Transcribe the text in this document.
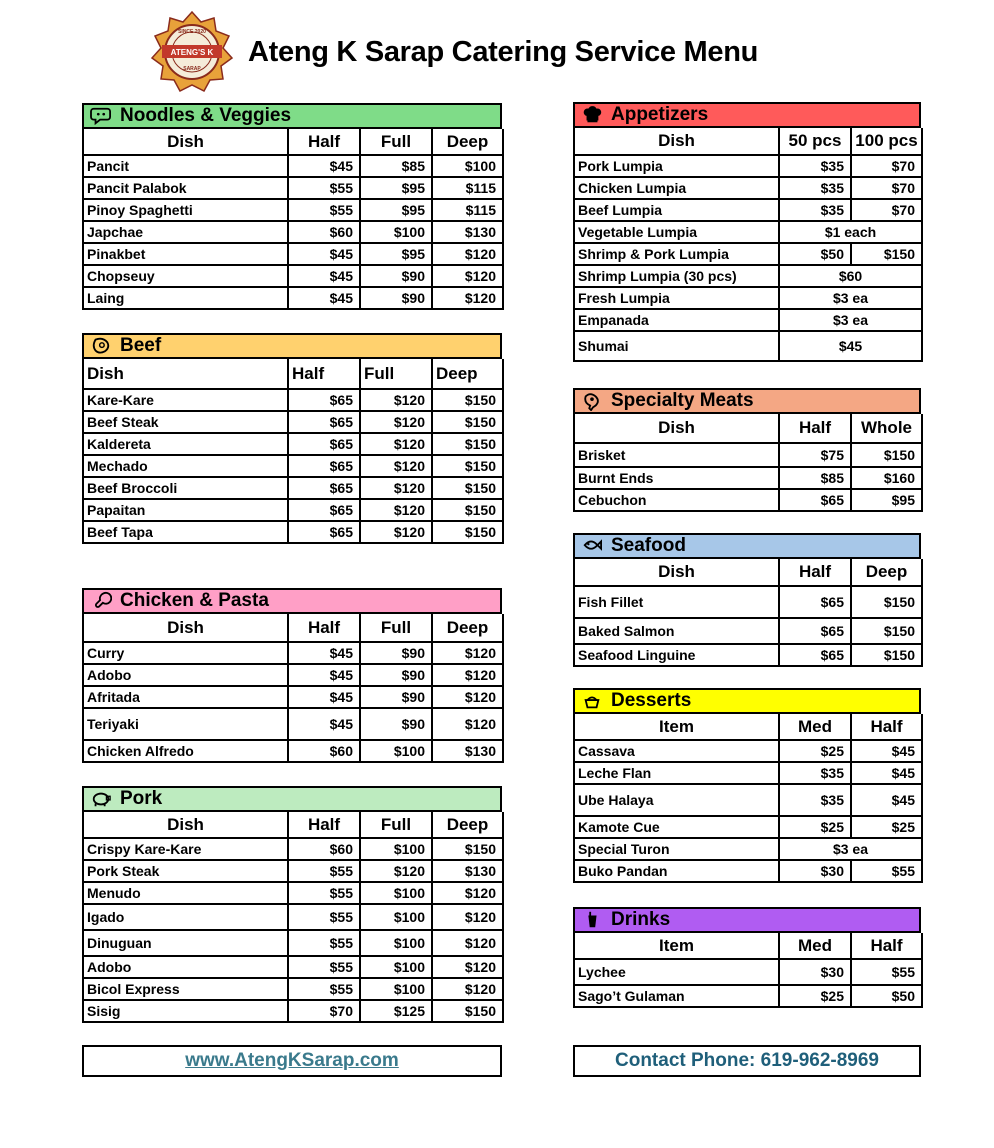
SINCE 2020
ATENG'S K
SARAP
Ateng K Sarap Catering Service Menu
Noodles & Veggies
Dish	Half	Full	Deep
Pancit	$45	$85	$100
Pancit Palabok	$55	$95	$115
Pinoy Spaghetti	$55	$95	$115
Japchae	$60	$100	$130
Pinakbet	$45	$95	$120
Chopseuy	$45	$90	$120
Laing	$45	$90	$120
Beef
Dish	Half	Full	Deep
Kare-Kare	$65	$120	$150
Beef Steak	$65	$120	$150
Kaldereta	$65	$120	$150
Mechado	$65	$120	$150
Beef Broccoli	$65	$120	$150
Papaitan	$65	$120	$150
Beef Tapa	$65	$120	$150
Chicken & Pasta
Dish	Half	Full	Deep
Curry	$45	$90	$120
Adobo	$45	$90	$120
Afritada	$45	$90	$120
Teriyaki	$45	$90	$120
Chicken Alfredo	$60	$100	$130
Pork
Dish	Half	Full	Deep
Crispy Kare-Kare	$60	$100	$150
Pork Steak	$55	$120	$130
Menudo	$55	$100	$120
Igado	$55	$100	$120
Dinuguan	$55	$100	$120
Adobo	$55	$100	$120
Bicol Express	$55	$100	$120
Sisig	$70	$125	$150
Appetizers
Dish	50 pcs	100 pcs
Pork Lumpia	$35	$70
Chicken Lumpia	$35	$70
Beef Lumpia	$35	$70
Vegetable Lumpia	$1 each	
Shrimp & Pork Lumpia	$50	$150
Shrimp Lumpia (30 pcs)	$60	
Fresh Lumpia	$3 ea	
Empanada	$3 ea	
Shumai	$45	
Specialty Meats
Dish	Half	Whole
Brisket	$75	$150
Burnt Ends	$85	$160
Cebuchon	$65	$95
Seafood
Dish	Half	Deep
Fish Fillet	$65	$150
Baked Salmon	$65	$150
Seafood Linguine	$65	$150
Desserts
Item	Med	Half
Cassava	$25	$45
Leche Flan	$35	$45
Ube Halaya	$35	$45
Kamote Cue	$25	$25
Special Turon	$3 ea	
Buko Pandan	$30	$55
Drinks
Item	Med	Half
Lychee	$30	$55
Sago’t Gulaman	$25	$50
www.AtengKSarap.com	Contact Phone: 619-962-8969
